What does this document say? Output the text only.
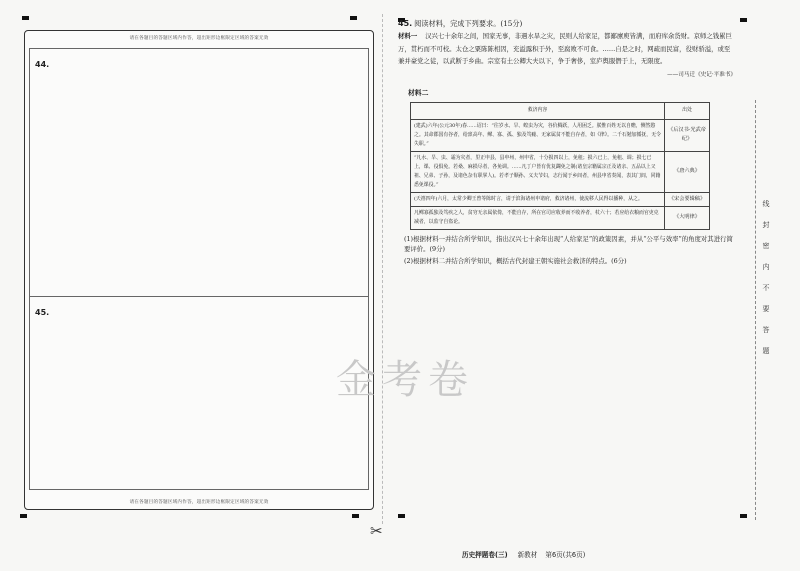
✂
请在各题目的答题区域内作答，超出矩形边框限定区域的答案无效
44.
45.
请在各题目的答题区域内作答，超出矩形边框限定区域的答案无效
金考卷
45. 阅读材料，完成下列要求。(15分)
材料一 汉兴七十余年之间，国家无事，非遇水旱之灾，民则人给家足，都鄙廪庾皆满，而府库余货财。京师之钱累巨万，贯朽而不可校。太仓之粟陈陈相因，充溢露积于外，至腐败不可食。……自是之时，网疏而民富，役财骄溢，或至兼并豪党之徒，以武断于乡曲。宗室有土公卿大夫以下，争于奢侈，室庐舆服僭于上，无限度。
——司马迁《史记·平准书》
材料二
救济内容	出处
(建武)六年(公元30年)春……诏曰：“往岁水、旱、蝗虫为灾，谷价腾跃，人用困乏。朕惟百姓无以自赡，恻然愍之。其命郡国有谷者，给禀高年、鳏、寡、孤、独及笃癃、无家属贫不能自存者，如《律》。二千石勉加循抚，无令失职。”	《后汉书·光武帝纪》
“凡水、旱、虫、霜为灾者，里正申县，县申州，州申省，十分损四以上，免租；损六已上，免租、调；损七已上，课、役俱免。若桑、麻损尽者，各免调。……凡丁户皆有优复蠲免之制(诸皇宗籍属宗正及诸亲、五品以上父祖、兄弟、子孙，及诸色杂有职掌人)。若孝子顺孙、义夫节妇，志行闻于乡闾者，州县申省奏闻，表其门闾，同籍悉免课役。”	《唐六典》
(天禧四年)六月，太常少卿王曾等陈时言，请于滨海诸州申诸府，救济诸州，使流移人民得以播种，从之。	《宋会要辑稿》
凡鳏寡孤独及笃疾之人，贫穷无亲属依倚，不能自存，所在官司应收养而不收养者，杖六十；若应给衣粮而官吏克减者，以监守自盗论。	《大明律》
(1)根据材料一并结合所学知识，指出汉兴七十余年出现“人给家足”的政策因素，并从“公平与效率”的角度对其进行简要评价。(9分)
(2)根据材料二并结合所学知识，概括古代封建王朝实施社会救济的特点。(6分)
线
封
密
内
不
要
答
题
历史押题卷(三) 新教材 第6页(共6页)
